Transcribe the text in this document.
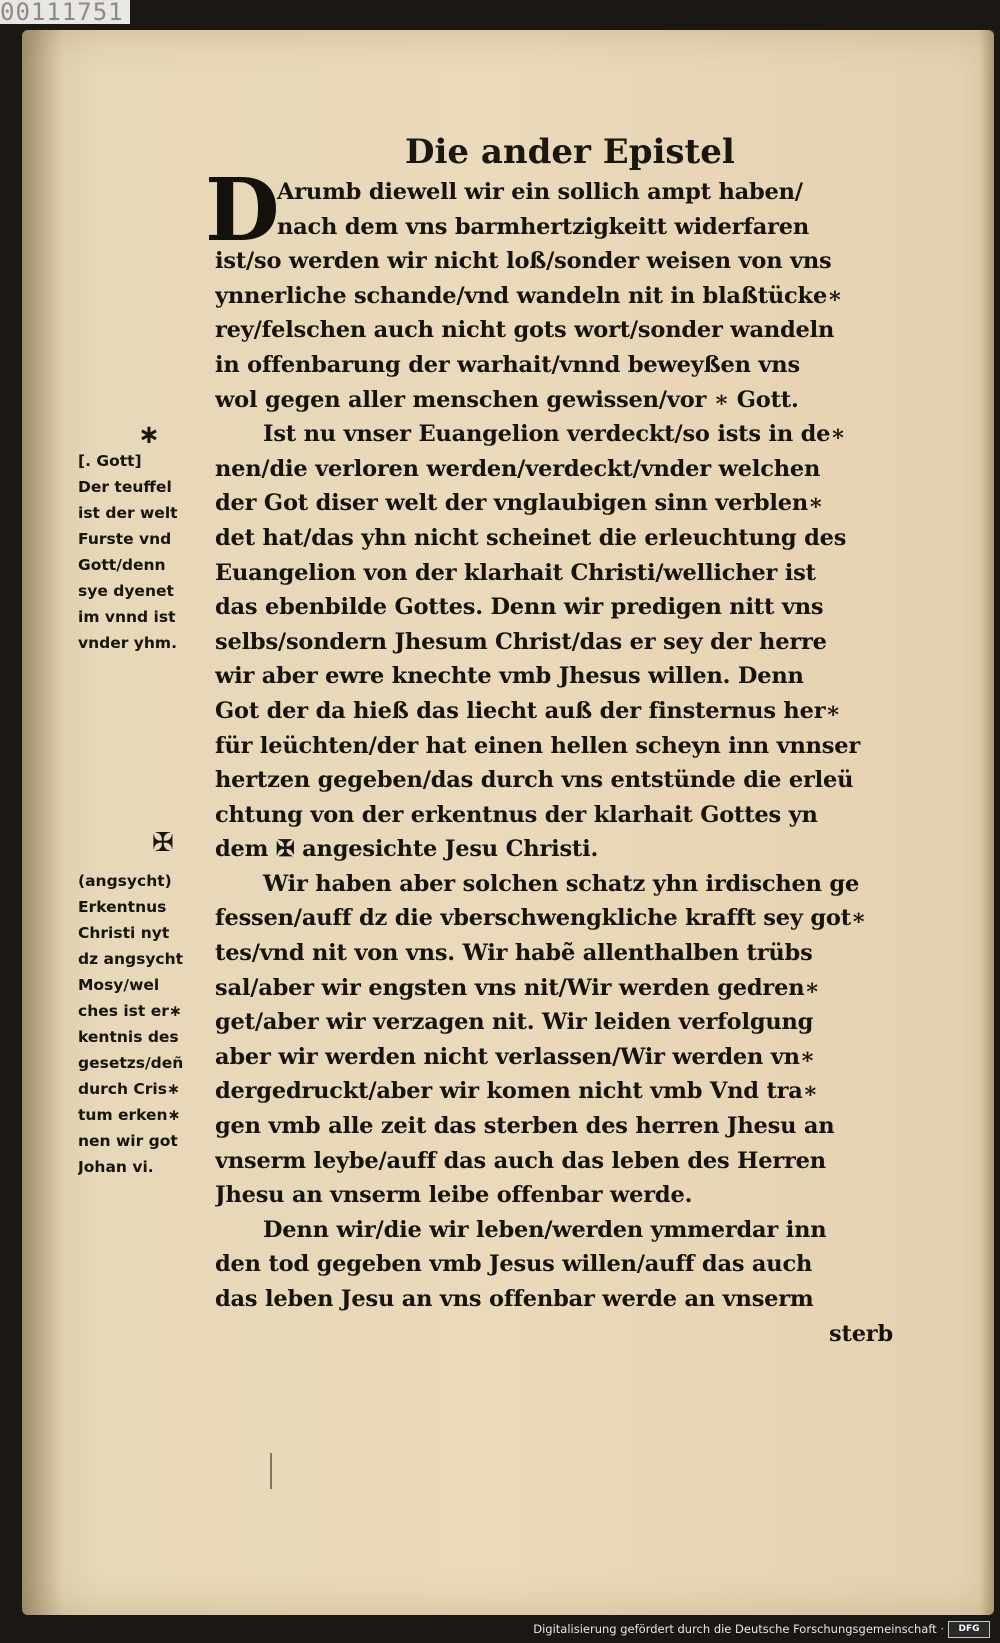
00111751
Die ander Epistel
D
Arumb diewell wir ein sollich ampt haben/
nach dem vns barmhertzigkeitt widerfaren
ist/so werden wir nicht loß/sonder weisen von vns
ynnerliche schande/vnd wandeln nit in blaßtücke∗
rey/felschen auch nicht gots wort/sonder wandeln
in offenbarung der warhait/vnnd beweyßen vns
wol gegen aller menschen gewissen/vor ∗ Gott.
Ist nu vnser Euangelion verdeckt/so ists in de∗
nen/die verloren werden/verdeckt/vnder welchen
der Got diser welt der vnglaubigen sinn verblen∗
det hat/das yhn nicht scheinet die erleuchtung des
Euangelion von der klarhait Christi/wellicher ist
das ebenbilde Gottes. Denn wir predigen nitt vns
selbs/sondern Jhesum Christ/das er sey der herre
wir aber ewre knechte vmb Jhesus willen. Denn
Got der da hieß das liecht auß der finsternus her∗
für leüchten/der hat einen hellen scheyn inn vnnser
hertzen gegeben/das durch vns entstünde die erleü
chtung von der erkentnus der klarhait Gottes yn
dem ✠ angesichte Jesu Christi.
Wir haben aber solchen schatz yhn irdischen ge
fessen/auff dz die vberschwengkliche krafft sey got∗
tes/vnd nit von vns. Wir habẽ allenthalben trübs
sal/aber wir engsten vns nit/Wir werden gedren∗
get/aber wir verzagen nit. Wir leiden verfolgung
aber wir werden nicht verlassen/Wir werden vn∗
dergedruckt/aber wir komen nicht vmb Vnd tra∗
gen vmb alle zeit das sterben des herren Jhesu an
vnserm leybe/auff das auch das leben des Herren
Jhesu an vnserm leibe offenbar werde.
Denn wir/die wir leben/werden ymmerdar inn
den tod gegeben vmb Jesus willen/auff das auch
das leben Jesu an vns offenbar werde an vnserm
sterb
∗
[. Gott]
Der teuffel
ist der welt
Furste vnd
Gott/denn
sye dyenet
im vnnd ist
vnder yhm.
✠
(angsycht)
Erkentnus
Christi nyt
dz angsycht
Mosy/wel
ches ist er∗
kentnis des
gesetzs/deñ
durch Cris∗
tum erken∗
nen wir got
Johan vi.
Digitalisierung gefördert durch die Deutsche Forschungsgemeinschaft ·	DFG
